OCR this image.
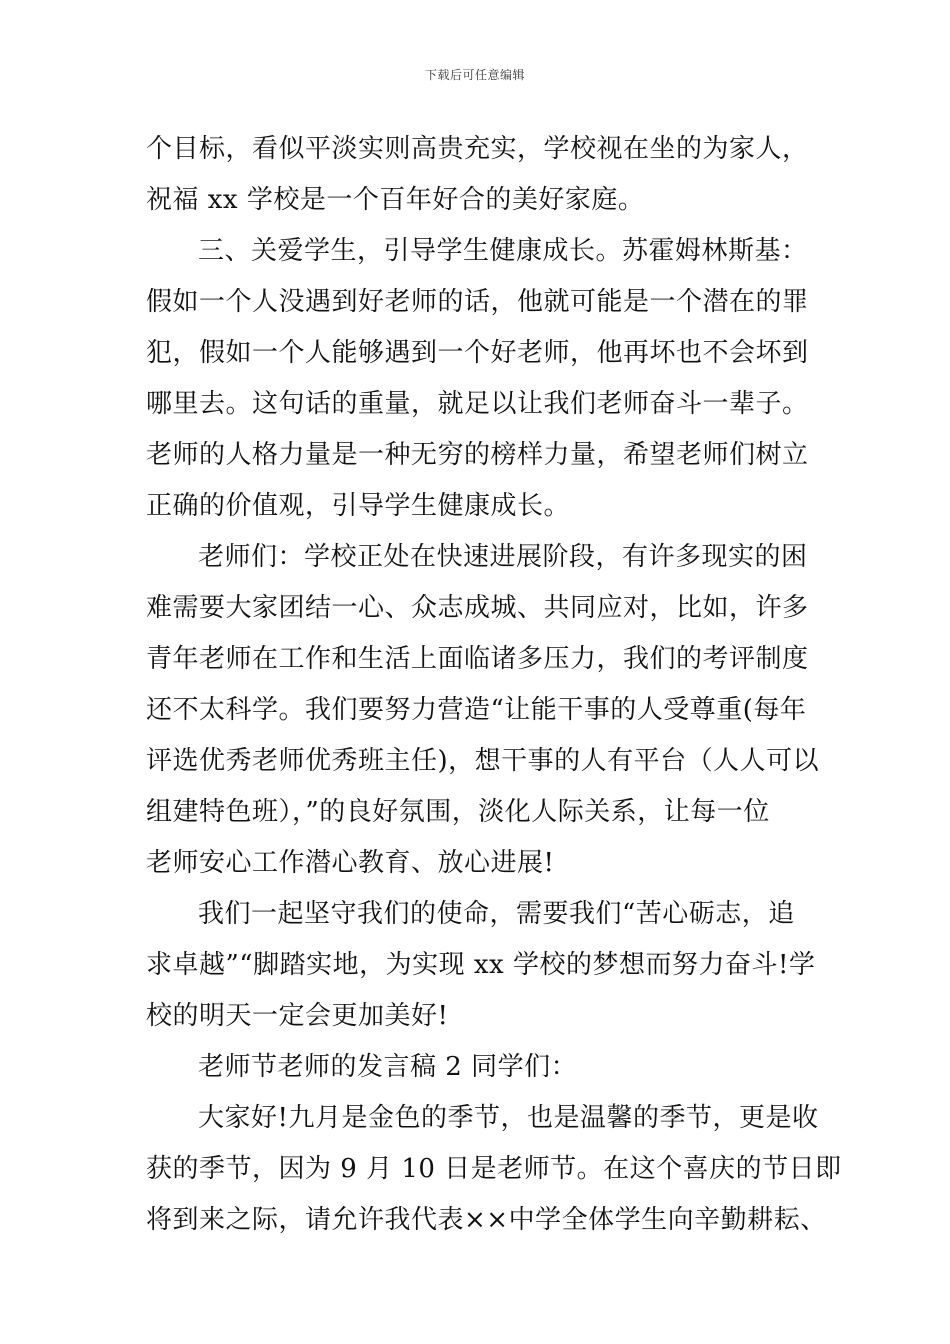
下载后可任意编辑
个目标，看似平淡实则高贵充实，学校视在坐的为家人，
祝福 xx 学校是一个百年好合的美好家庭。
三、关爱学生，引导学生健康成长。苏霍姆林斯基：
假如一个人没遇到好老师的话，他就可能是一个潜在的罪
犯，假如一个人能够遇到一个好老师，他再坏也不会坏到
哪里去。这句话的重量，就足以让我们老师奋斗一辈子。
老师的人格力量是一种无穷的榜样力量，希望老师们树立
正确的价值观，引导学生健康成长。
老师们：学校正处在快速进展阶段，有许多现实的困
难需要大家团结一心、众志成城、共同应对，比如，许多
青年老师在工作和生活上面临诸多压力，我们的考评制度
还不太科学。我们要努力营造“让能干事的人受尊重(每年
评选优秀老师优秀班主任)，想干事的人有平台（人人可以
组建特色班），”的良好氛围，淡化人际关系，让每一位
老师安心工作潜心教育、放心进展!
我们一起坚守我们的使命，需要我们“苦心砺志，追
求卓越”“脚踏实地，为实现 xx 学校的梦想而努力奋斗!学
校的明天一定会更加美好!
老师节老师的发言稿 2 同学们：
大家好!九月是金色的季节，也是温馨的季节，更是收
获的季节，因为 9 月 10 日是老师节。在这个喜庆的节日即
将到来之际，请允许我代表××中学全体学生向辛勤耕耘、
